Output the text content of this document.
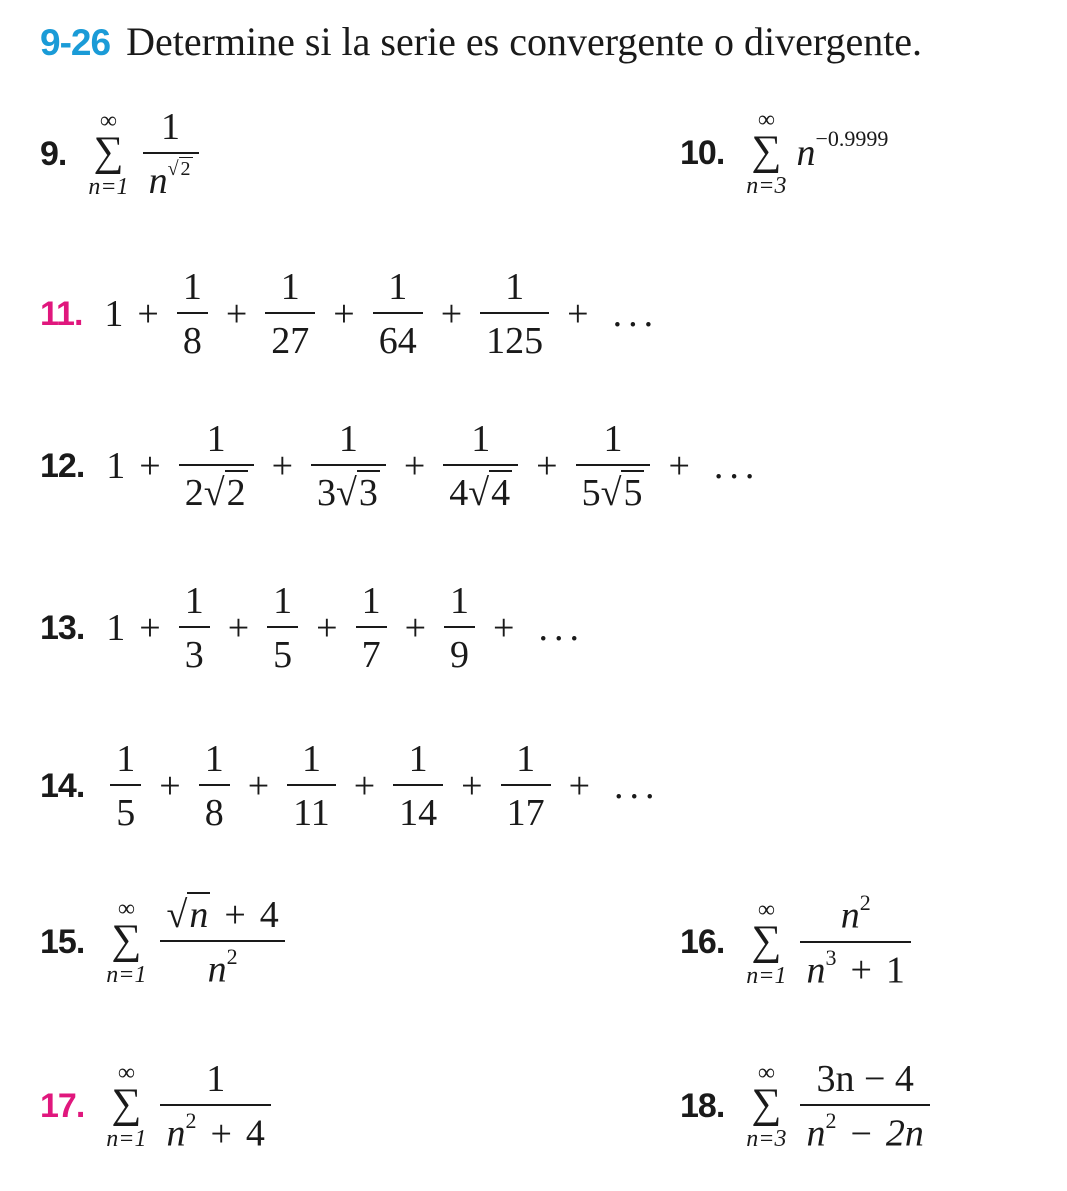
9-26 Determine si la serie es convergente o divergente.
9.
∞
∑
$n=1 \frac{1}{n^{√ 2}}$	10.
∞
∑
n=3
n −0.9999
11. $1 + \frac{1}{8} + \frac{1}{27} + \frac{1}{64} + \frac{1}{125}$ + ...
12. $1 + \frac{1}{2√2} + \frac{1}{3√3} + \frac{1}{4√4} + \frac{1}{5√5}$ + ...
13. $1 + \frac{1}{3} + \frac{1}{5} + \frac{1}{7} + \frac{1}{9}$ + ...
14. $\frac{1}{5} + \frac{1}{8} + \frac{1}{11} + \frac{1}{14} + \frac{1}{17}$ + ...
15.
∞
∑
$n=1 \frac{√n + 4}{n^2}$	16.
∞
∑
$n=1 \frac{n^2}{n^3 + 1}$
17.
∞
∑
$n=1 \frac{1}{n^2 + 4}$	18.
∞
∑
$n=3 \frac{3n - 4}{n^2 - 2n}$
